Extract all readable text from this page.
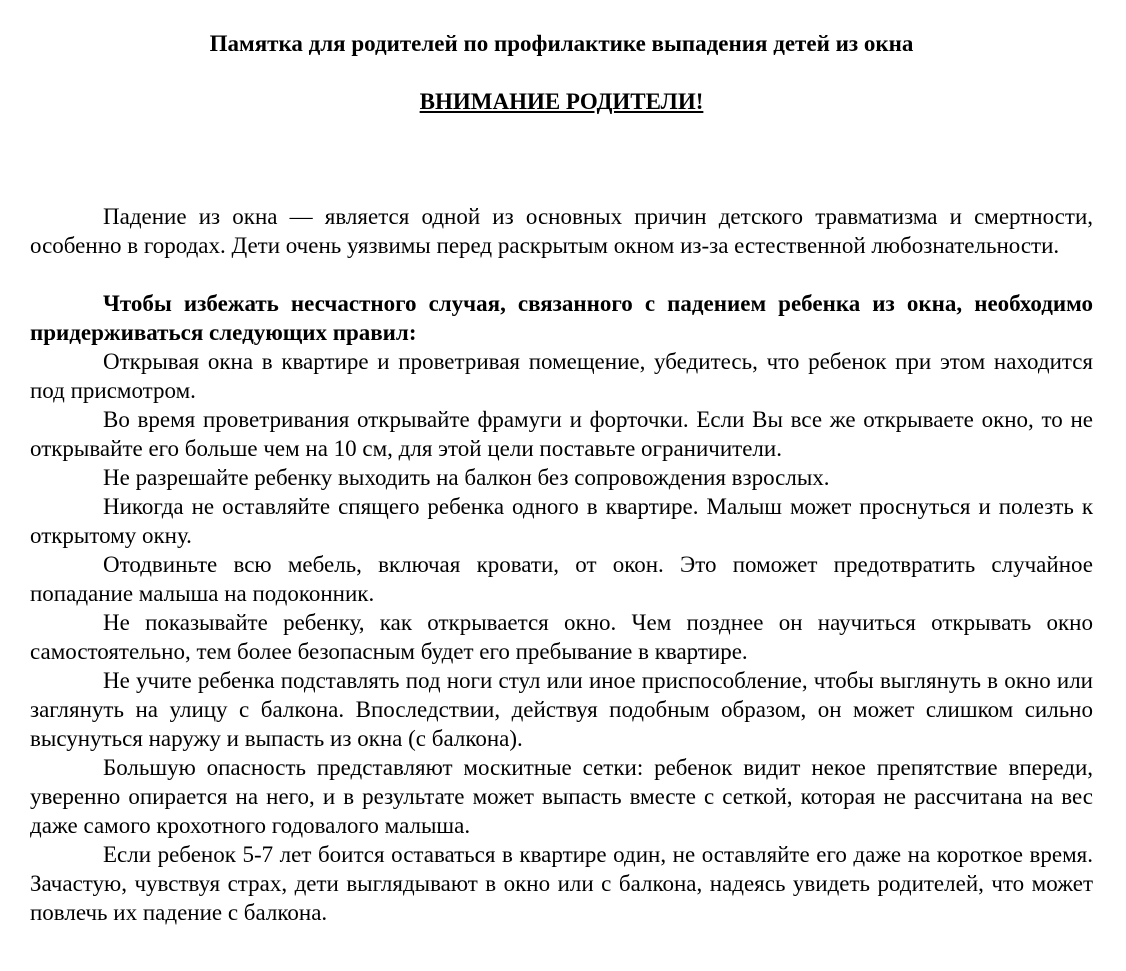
Памятка для родителей по профилактике выпадения детей из окна
ВНИМАНИЕ РОДИТЕЛИ!

Падение из окна — является одной из основных причин детского травматизма и смертности, особенно в городах. Дети очень уязвимы перед раскрытым окном из-за естественной любознательности.

Чтобы избежать несчастного случая, связанного с падением ребенка из окна, необходимо придерживаться следующих правил:

Открывая окна в квартире и проветривая помещение, убедитесь, что ребенок при этом находится под присмотром.

Во время проветривания открывайте фрамуги и форточки. Если Вы все же открываете окно, то не открывайте его больше чем на 10 см, для этой цели поставьте ограничители.

Не разрешайте ребенку выходить на балкон без сопровождения взрослых.

Никогда не оставляйте спящего ребенка одного в квартире. Малыш может проснуться и полезть к открытому окну.

Отодвиньте всю мебель, включая кровати, от окон. Это поможет предотвратить случайное попадание малыша на подоконник.

Не показывайте ребенку, как открывается окно. Чем позднее он научиться открывать окно самостоятельно, тем более безопасным будет его пребывание в квартире.

Не учите ребенка подставлять под ноги стул или иное приспособление, чтобы выглянуть в окно или заглянуть на улицу с балкона. Впоследствии, действуя подобным образом, он может слишком сильно высунуться наружу и выпасть из окна (с балкона).

Большую опасность представляют москитные сетки: ребенок видит некое препятствие впереди, уверенно опирается на него, и в результате может выпасть вместе с сеткой, которая не рассчитана на вес даже самого крохотного годовалого малыша.

Если ребенок 5-7 лет боится оставаться в квартире один, не оставляйте его даже на короткое время. Зачастую, чувствуя страх, дети выглядывают в окно или с балкона, надеясь увидеть родителей, что может повлечь их падение с балкона.
